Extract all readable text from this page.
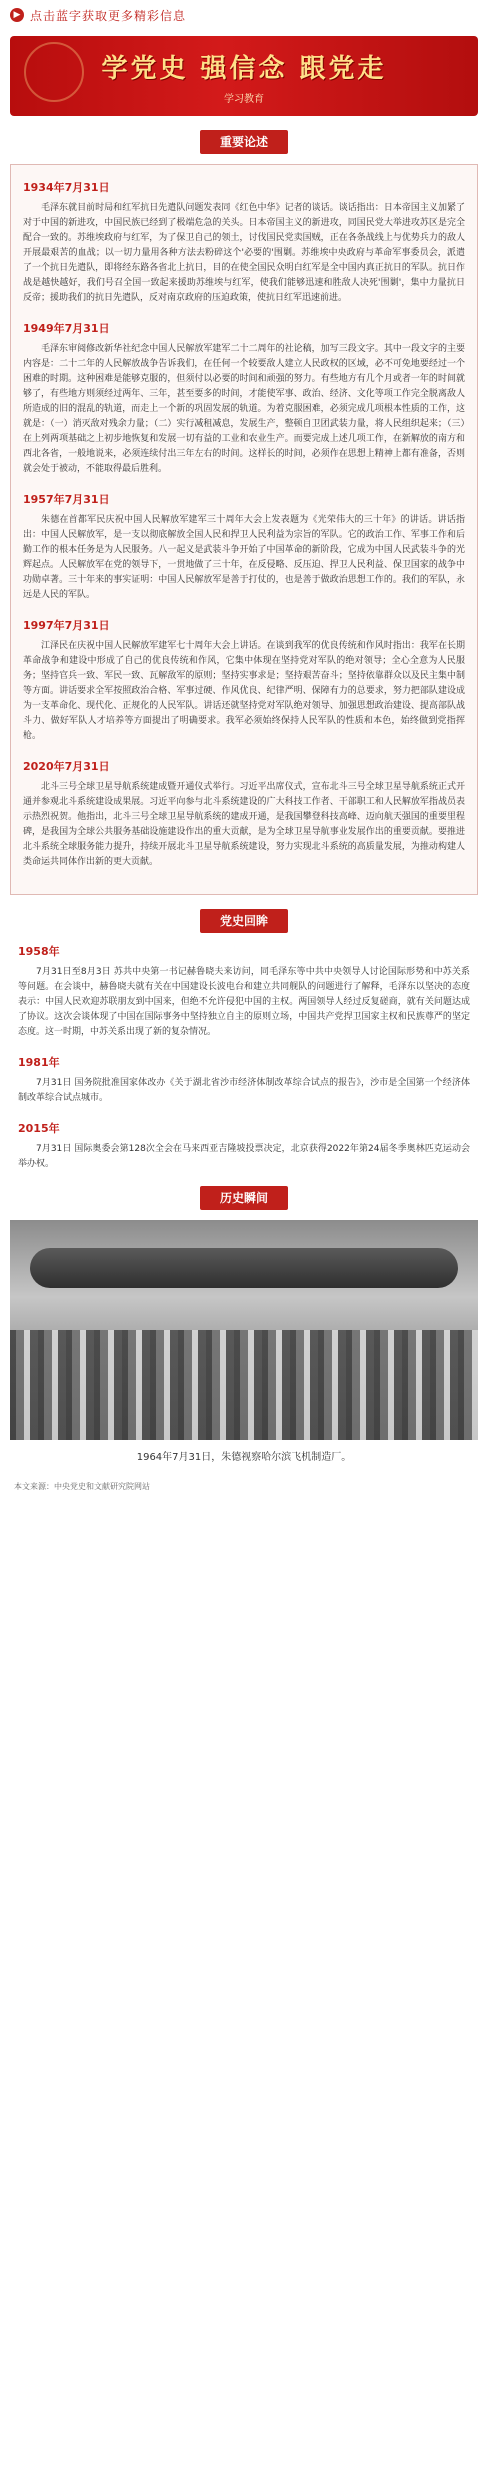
▶ 点击蓝字获取更多精彩信息
学党史 强信念 跟党走
学习教育
重要论述
1934年7月31日

毛泽东就目前时局和红军抗日先遣队问题发表同《红色中华》记者的谈话。谈话指出：日本帝国主义加紧了对于中国的新进攻，中国民族已经到了极端危急的关头。日本帝国主义的新进攻，同国民党大举进攻苏区是完全配合一致的。苏维埃政府与红军，为了保卫自己的领土，讨伐国民党卖国贼，正在各条战线上与优势兵力的敌人开展最艰苦的血战；以一切力量用各种方法去粉碎这个'必要的'围剿。苏维埃中央政府与革命军事委员会，派遣了一个抗日先遣队，即将经东路各省北上抗日，目的在使全国民众明白红军是全中国内真正抗日的军队。抗日作战是越快越好，我们号召全国一致起来援助苏维埃与红军，使我们能够迅速和胜敌人决死'围剿'，集中力量抗日反帝；援助我们的抗日先遣队，反对南京政府的压迫政策，使抗日红军迅速前进。

1949年7月31日

毛泽东审阅修改新华社纪念中国人民解放军建军二十二周年的社论稿，加写三段文字。其中一段文字的主要内容是：二十二年的人民解放战争告诉我们，在任何一个较要敌人建立人民政权的区域，必不可免地要经过一个困难的时期。这种困难是能够克服的，但须付以必要的时间和顽强的努力。有些地方有几个月或者一年的时间就够了，有些地方则须经过两年、三年，甚至要多的时间，才能使军事、政治、经济、文化等项工作完全脱离敌人所造成的旧的混乱的轨道，而走上一个新的巩固发展的轨道。为着克服困难，必须完成几项根本性质的工作，这就是：（一）消灭敌对残余力量；（二）实行减租减息，发展生产，整顿自卫团武装力量，将人民组织起来；（三）在上列两项基础之上初步地恢复和发展一切有益的工业和农业生产。而要完成上述几项工作，在新解放的南方和西北各省，一般地说来，必须连续付出三年左右的时间。这样长的时间，必须作在思想上精神上都有准备，否则就会处于被动，不能取得最后胜利。

1957年7月31日

朱德在首都军民庆祝中国人民解放军建军三十周年大会上发表题为《光荣伟大的三十年》的讲话。讲话指出：中国人民解放军，是一支以彻底解放全国人民和捍卫人民利益为宗旨的军队。它的政治工作、军事工作和后勤工作的根本任务是为人民服务。八一起义是武装斗争开始了中国革命的新阶段，它成为中国人民武装斗争的光辉起点。人民解放军在党的领导下，一贯地做了三十年，在反侵略、反压迫、捍卫人民利益、保卫国家的战争中功勋卓著。三十年来的事实证明：中国人民解放军是善于打仗的，也是善于做政治思想工作的。我们的军队，永远是人民的军队。

1997年7月31日

江泽民在庆祝中国人民解放军建军七十周年大会上讲话。在谈到我军的优良传统和作风时指出：我军在长期革命战争和建设中形成了自己的优良传统和作风，它集中体现在坚持党对军队的绝对领导；全心全意为人民服务；坚持官兵一致、军民一致、瓦解敌军的原则；坚持实事求是；坚持艰苦奋斗；坚持依靠群众以及民主集中制等方面。讲话要求全军按照政治合格、军事过硬、作风优良、纪律严明、保障有力的总要求，努力把部队建设成为一支革命化、现代化、正规化的人民军队。讲话还就坚持党对军队绝对领导、加强思想政治建设、提高部队战斗力、做好军队人才培养等方面提出了明确要求。我军必须始终保持人民军队的性质和本色，始终做到党指挥枪。

2020年7月31日

北斗三号全球卫星导航系统建成暨开通仪式举行。习近平出席仪式，宣布北斗三号全球卫星导航系统正式开通并参观北斗系统建设成果展。习近平向参与北斗系统建设的广大科技工作者、干部职工和人民解放军指战员表示热烈祝贺。他指出，北斗三号全球卫星导航系统的建成开通，是我国攀登科技高峰、迈向航天强国的重要里程碑，是我国为全球公共服务基础设施建设作出的重大贡献，是为全球卫星导航事业发展作出的重要贡献。要推进北斗系统全球服务能力提升，持续开展北斗卫星导航系统建设，努力实现北斗系统的高质量发展，为推动构建人类命运共同体作出新的更大贡献。

党史回眸
1958年

7月31日至8月3日 苏共中央第一书记赫鲁晓夫来访问，同毛泽东等中共中央领导人讨论国际形势和中苏关系等问题。在会谈中，赫鲁晓夫就有关在中国建设长波电台和建立共同舰队的问题进行了解释，毛泽东以坚决的态度表示：中国人民欢迎苏联朋友到中国来，但绝不允许侵犯中国的主权。两国领导人经过反复磋商，就有关问题达成了协议。这次会谈体现了中国在国际事务中坚持独立自主的原则立场，中国共产党捍卫国家主权和民族尊严的坚定态度。这一时期，中苏关系出现了新的复杂情况。

1981年

7月31日 国务院批准国家体改办《关于湖北省沙市经济体制改革综合试点的报告》，沙市是全国第一个经济体制改革综合试点城市。

2015年

7月31日 国际奥委会第128次全会在马来西亚吉隆坡投票决定，北京获得2022年第24届冬季奥林匹克运动会举办权。

历史瞬间

1964年7月31日，朱德视察哈尔滨飞机制造厂。

本文来源：中央党史和文献研究院网站
